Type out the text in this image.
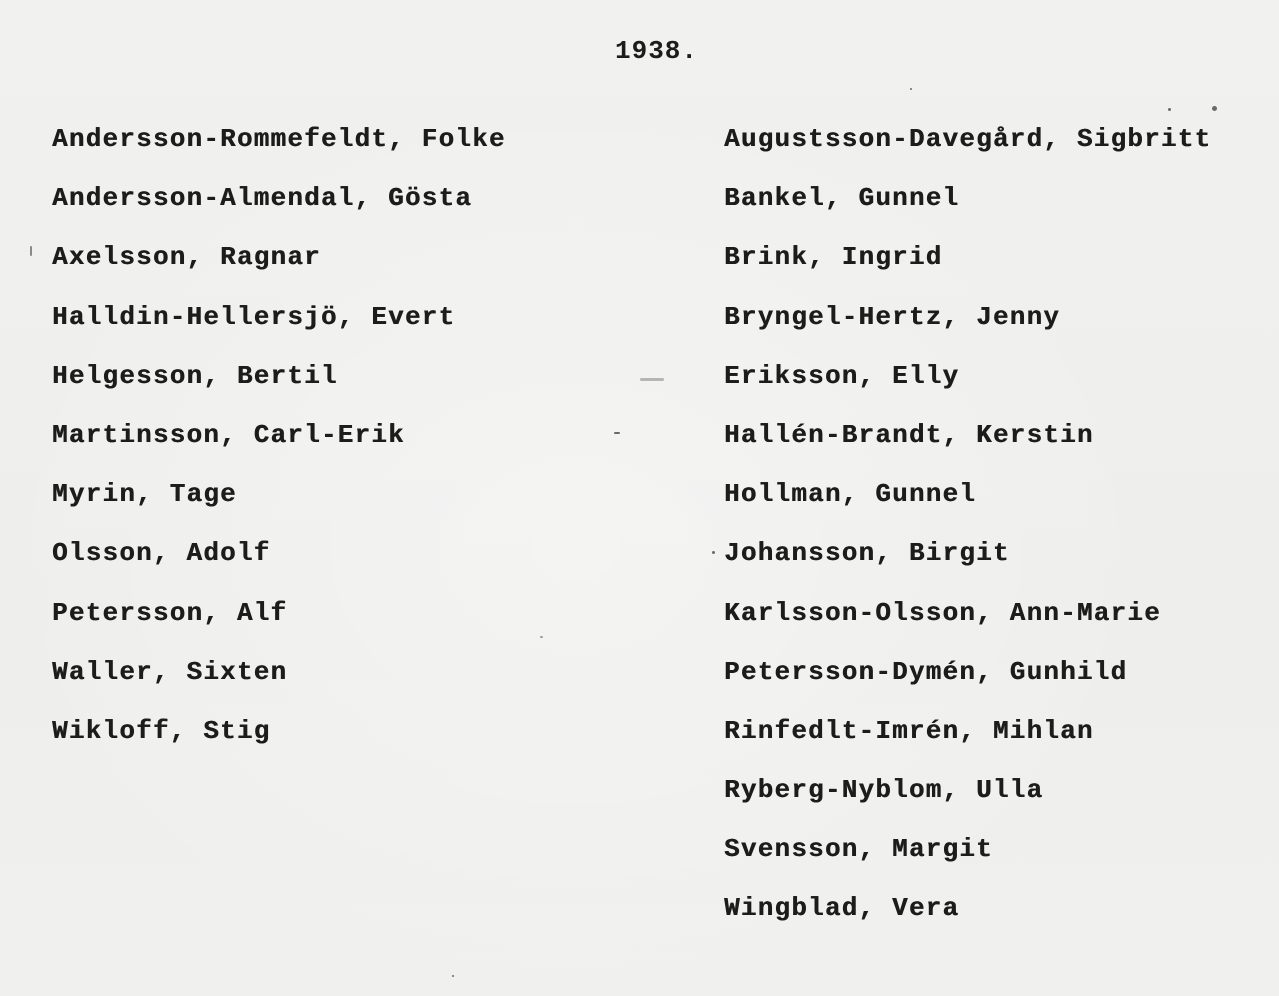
1938.
Andersson-Rommefeldt, Folke
Andersson-Almendal, Gösta
Axelsson, Ragnar
Halldin-Hellersjö, Evert
Helgesson, Bertil
Martinsson, Carl-Erik
Myrin, Tage
Olsson, Adolf
Petersson, Alf
Waller, Sixten
Wikloff, Stig
Augustsson-Davegård, Sigbritt
Bankel, Gunnel
Brink, Ingrid
Bryngel-Hertz, Jenny
Eriksson, Elly
Hallén-Brandt, Kerstin
Hollman, Gunnel
Johansson, Birgit
Karlsson-Olsson, Ann-Marie
Petersson-Dymén, Gunhild
Rinfedlt-Imrén, Mihlan
Ryberg-Nyblom, Ulla
Svensson, Margit
Wingblad, Vera
